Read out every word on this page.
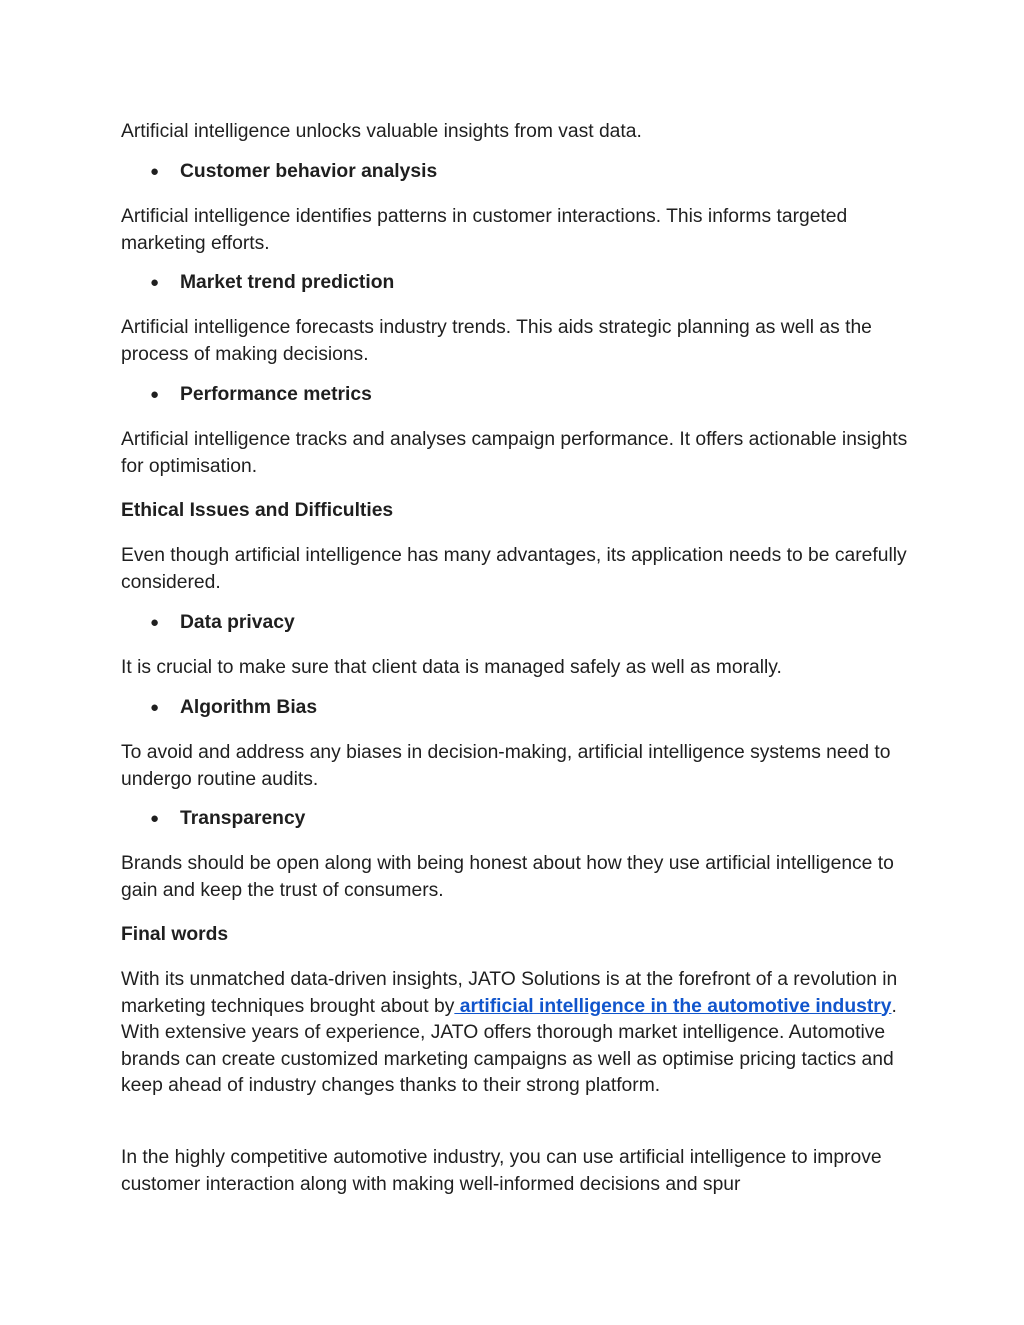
Artificial intelligence unlocks valuable insights from vast data.

● Customer behavior analysis

Artificial intelligence identifies patterns in customer interactions. This informs targeted marketing efforts.

● Market trend prediction

Artificial intelligence forecasts industry trends. This aids strategic planning as well as the process of making decisions.

● Performance metrics

Artificial intelligence tracks and analyses campaign performance. It offers actionable insights for optimisation.

Ethical Issues and Difficulties

Even though artificial intelligence has many advantages, its application needs to be carefully considered.

● Data privacy

It is crucial to make sure that client data is managed safely as well as morally.

● Algorithm Bias

To avoid and address any biases in decision-making, artificial intelligence systems need to undergo routine audits.

● Transparency

Brands should be open along with being honest about how they use artificial intelligence to gain and keep the trust of consumers.

Final words

With its unmatched data-driven insights, JATO Solutions is at the forefront of a revolution in marketing techniques brought about by artificial intelligence in the automotive industry. With extensive years of experience, JATO offers thorough market intelligence. Automotive brands can create customized marketing campaigns as well as optimise pricing tactics and keep ahead of industry changes thanks to their strong platform.

In the highly competitive automotive industry, you can use artificial intelligence to improve customer interaction along with making well-informed decisions and spur
